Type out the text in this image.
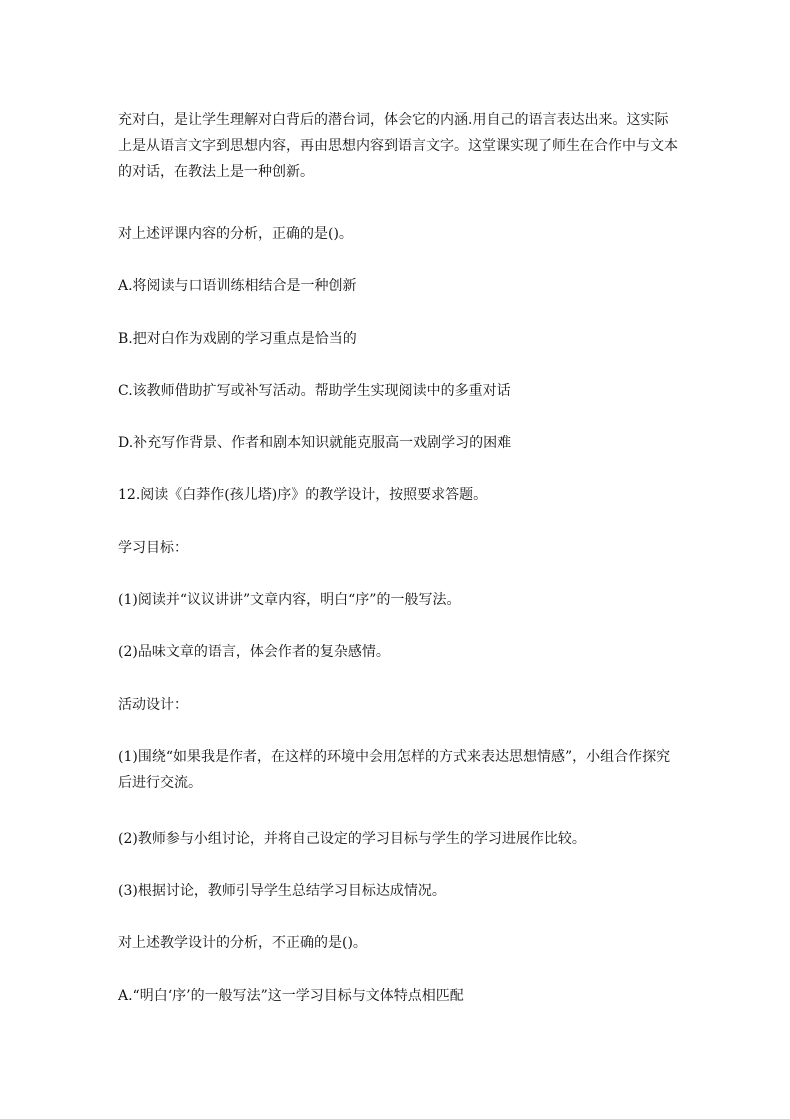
充对白，是让学生理解对白背后的潜台词，体会它的内涵.用自己的语言表达出来。这实际上是从语言文字到思想内容，再由思想内容到语言文字。这堂课实现了师生在合作中与文本的对话，在教法上是一种创新。

对上述评课内容的分析，正确的是()。

A.将阅读与口语训练相结合是一种创新

B.把对白作为戏剧的学习重点是恰当的

C.该教师借助扩写或补写活动。帮助学生实现阅读中的多重对话

D.补充写作背景、作者和剧本知识就能克服高一戏剧学习的困难

12.阅读《白莽作(孩儿塔)序》的教学设计，按照要求答题。

学习目标：

(1)阅读并“议议讲讲”文章内容，明白“序”的一般写法。

(2)品味文章的语言，体会作者的复杂感情。

活动设计：

(1)围绕“如果我是作者，在这样的环境中会用怎样的方式来表达思想情感”，小组合作探究后进行交流。

(2)教师参与小组讨论，并将自己设定的学习目标与学生的学习进展作比较。

(3)根据讨论，教师引导学生总结学习目标达成情况。

对上述教学设计的分析，不正确的是()。

A.“明白‘序’的一般写法”这一学习目标与文体特点相匹配
